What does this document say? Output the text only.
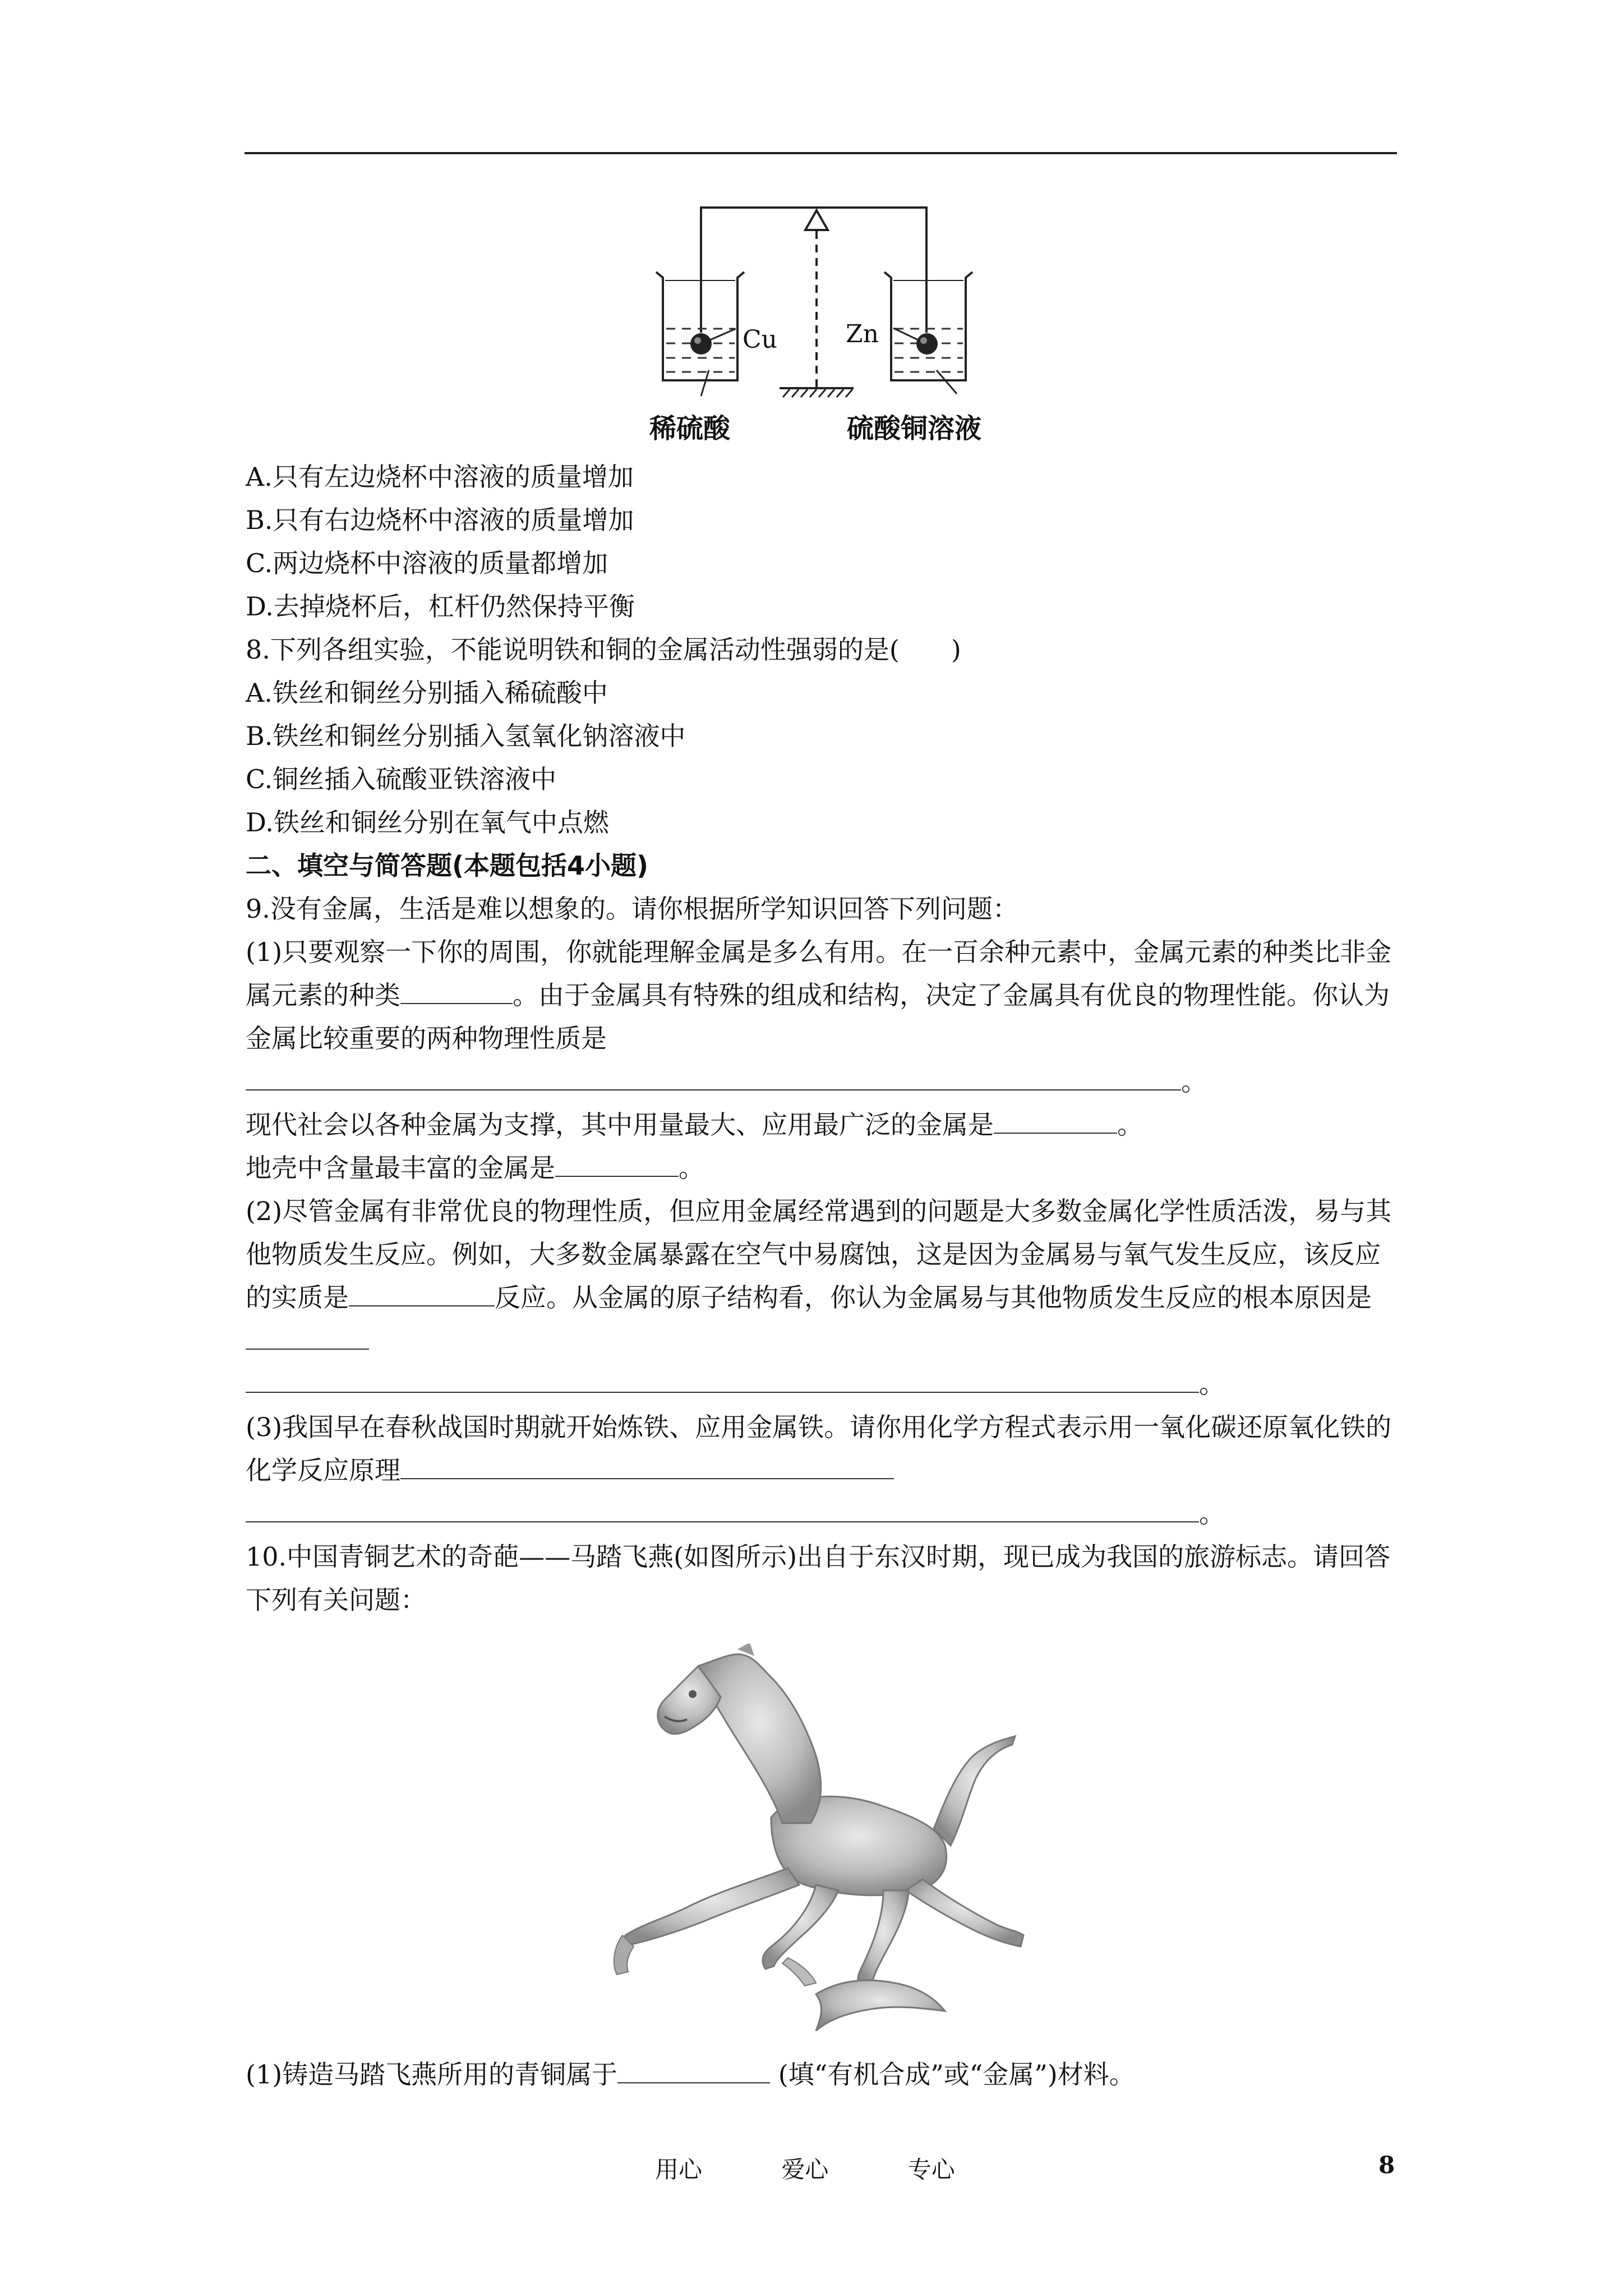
Cu	Zn
稀硫酸	硫酸铜溶液
A.只有左边烧杯中溶液的质量增加
B.只有右边烧杯中溶液的质量增加
C.两边烧杯中溶液的质量都增加
D.去掉烧杯后，杠杆仍然保持平衡
8.下列各组实验，不能说明铁和铜的金属活动性强弱的是(　　)
A.铁丝和铜丝分别插入稀硫酸中
B.铁丝和铜丝分别插入氢氧化钠溶液中
C.铜丝插入硫酸亚铁溶液中
D.铁丝和铜丝分别在氧气中点燃
二、填空与简答题(本题包括4小题)
9.没有金属，生活是难以想象的。请你根据所学知识回答下列问题：
(1)只要观察一下你的周围，你就能理解金属是多么有用。在一百余种元素中，金属元素的种类比非金属元素的种类	。由于金属具有特殊的组成和结构，决定了金属具有优良的物理性能。你认为金属比较重要的两种物理性质是
。
现代社会以各种金属为支撑，其中用量最大、应用最广泛的金属是	。
地壳中含量最丰富的金属是	。
(2)尽管金属有非常优良的物理性质，但应用金属经常遇到的问题是大多数金属化学性质活泼，易与其他物质发生反应。例如，大多数金属暴露在空气中易腐蚀，这是因为金属易与氧气发生反应，该反应的实质是	反应。从金属的原子结构看，你认为金属易与其他物质发生反应的根本原因是
。
(3)我国早在春秋战国时期就开始炼铁、应用金属铁。请你用化学方程式表示用一氧化碳还原氧化铁的化学反应原理
。
10.中国青铜艺术的奇葩——马踏飞燕(如图所示)出自于东汉时期，现已成为我国的旅游标志。请回答下列有关问题：
(1)铸造马踏飞燕所用的青铜属于	(填“有机合成”或“金属”)材料。
用心	爱心	专心	8
